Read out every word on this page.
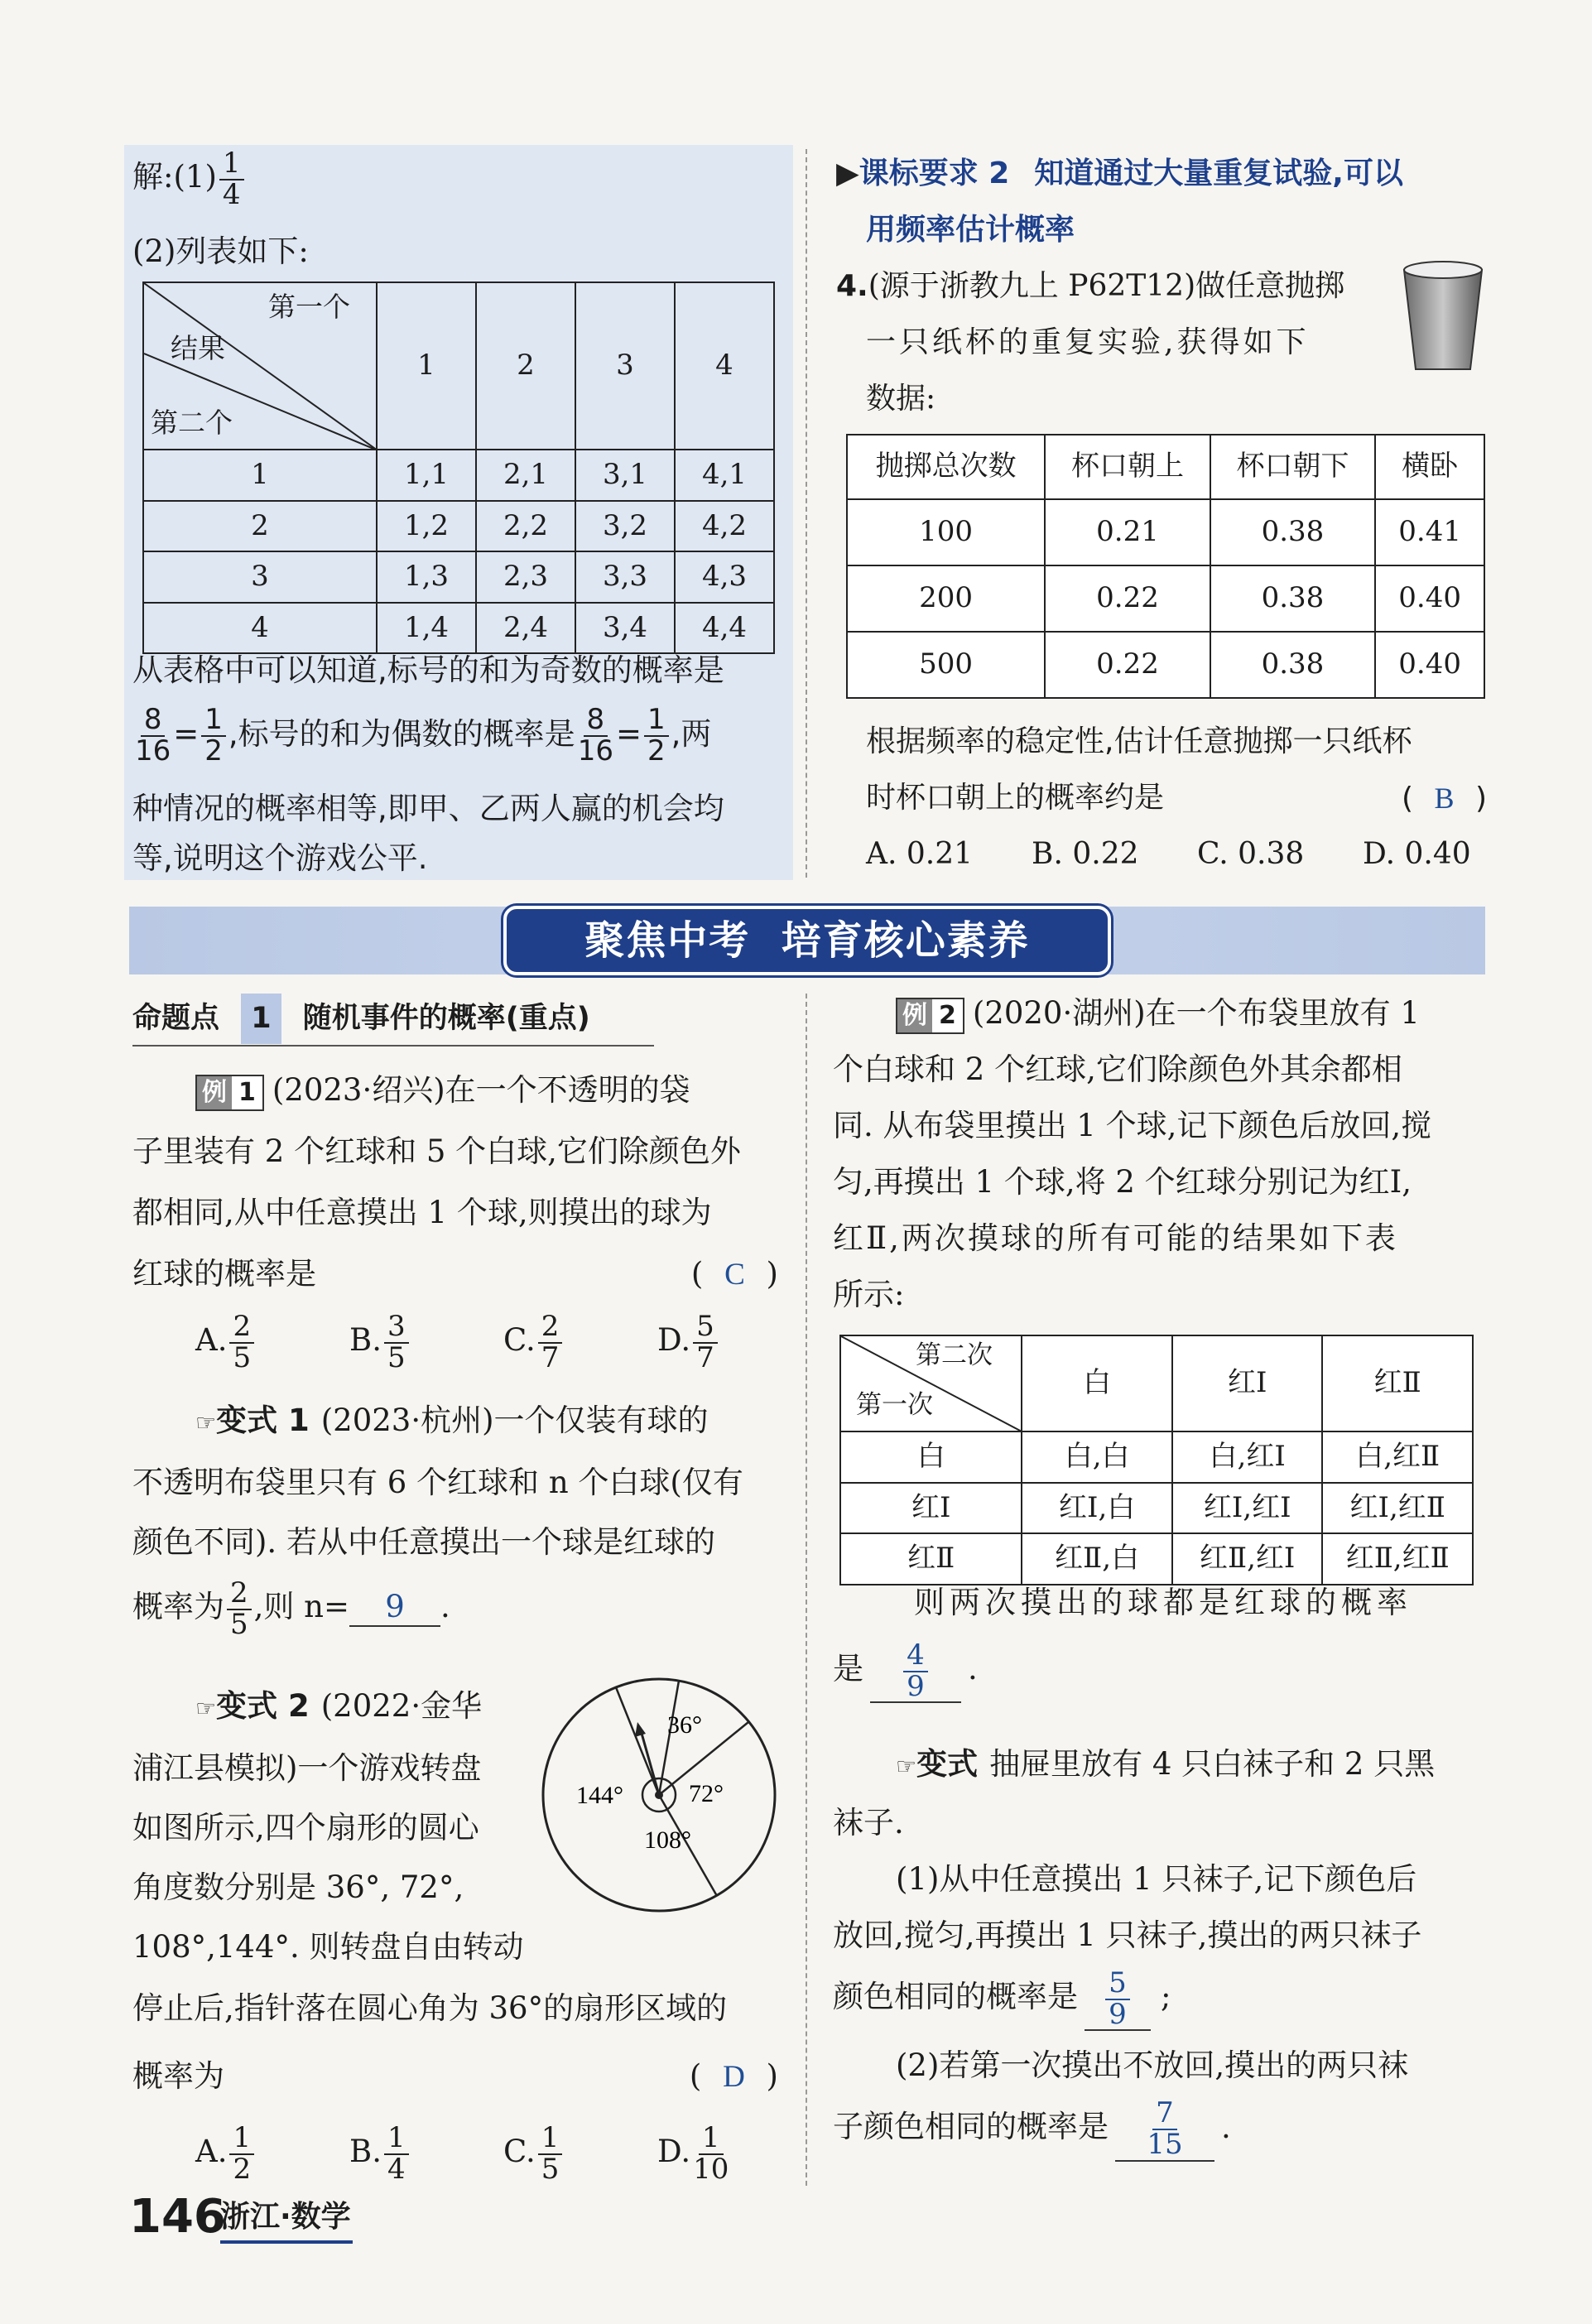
解:(1) $\frac{1}{4}$
(2)列表如下:
第一个
结果
第二个	1	2	3	4
1	1,1	2,1	3,1	4,1
2	1,2	2,2	3,2	4,2
3	1,3	2,3	3,3	4,3
4	1,4	2,4	3,4	4,4
从表格中可以知道,标号的和为奇数的概率是
$\frac{8}{16} = \frac{1}{2}$ ,标号的和为偶数的概率是 $\frac{8}{16} = \frac{1}{2}$ ,两
种情况的概率相等,即甲、乙两人赢的机会均
等,说明这个游戏公平.
▶课标要求 2 知道通过大量重复试验,可以
用频率估计概率
4.(源于浙教九上 P62T12)做任意抛掷
一只纸杯的重复实验,获得如下
数据:
抛掷总次数	杯口朝上	杯口朝下	横卧
100	0.21	0.38	0.41
200	0.22	0.38	0.40
500	0.22	0.38	0.40
根据频率的稳定性,估计任意抛掷一只纸杯
时杯口朝上的概率约是	( B )
A. 0.21 B. 0.22 C. 0.38 D. 0.40
聚焦中考  培育核心素养
命题点 1 随机事件的概率(重点)
例 1 (2023·绍兴)在一个不透明的袋
子里装有 2 个红球和 5 个白球,它们除颜色外
都相同,从中任意摸出 1 个球,则摸出的球为
红球的概率是	( C )
A. $\frac{2}{5}$	B. $\frac{3}{5}$	C. $\frac{2}{7}$	D. $\frac{5}{7}$
☞变式 1 (2023·杭州)一个仅装有球的
不透明布袋里只有 6 个红球和 n 个白球(仅有
颜色不同). 若从中任意摸出一个球是红球的
概率为 $\frac{2}{5}$ ,则 n= 9 .
☞变式 2 (2022·金华
浦江县模拟)一个游戏转盘
如图所示,四个扇形的圆心
角度数分别是 36°, 72°,
108°,144°. 则转盘自由转动
36°
72°
108°
144°
停止后,指针落在圆心角为 36°的扇形区域的
概率为	( D )
A. $\frac{1}{2}$	B. $\frac{1}{4}$	C. $\frac{1}{5}$	D. $\frac{1}{10}$
例 2 (2020·湖州)在一个布袋里放有 1
个白球和 2 个红球,它们除颜色外其余都相
同. 从布袋里摸出 1 个球,记下颜色后放回,搅
匀,再摸出 1 个球,将 2 个红球分别记为红Ⅰ,
红Ⅱ,两次摸球的所有可能的结果如下表
所示:
第二次
第一次	白	红Ⅰ	红Ⅱ
白	白,白	白,红Ⅰ	白,红Ⅱ
红Ⅰ	红Ⅰ,白	红Ⅰ,红Ⅰ	红Ⅰ,红Ⅱ
红Ⅱ	红Ⅱ,白	红Ⅱ,红Ⅰ	红Ⅱ,红Ⅱ
则两次摸出的球都是红球的概率
是 $\frac{4}{9}$ .
☞变式 抽屉里放有 4 只白袜子和 2 只黑
袜子.
(1)从中任意摸出 1 只袜子,记下颜色后
放回,搅匀,再摸出 1 只袜子,摸出的两只袜子
颜色相同的概率是 $\frac{5}{9}$ ;
(2)若第一次摸出不放回,摸出的两只袜
子颜色相同的概率是 $\frac{7}{15}$ .
146
浙江·数学
